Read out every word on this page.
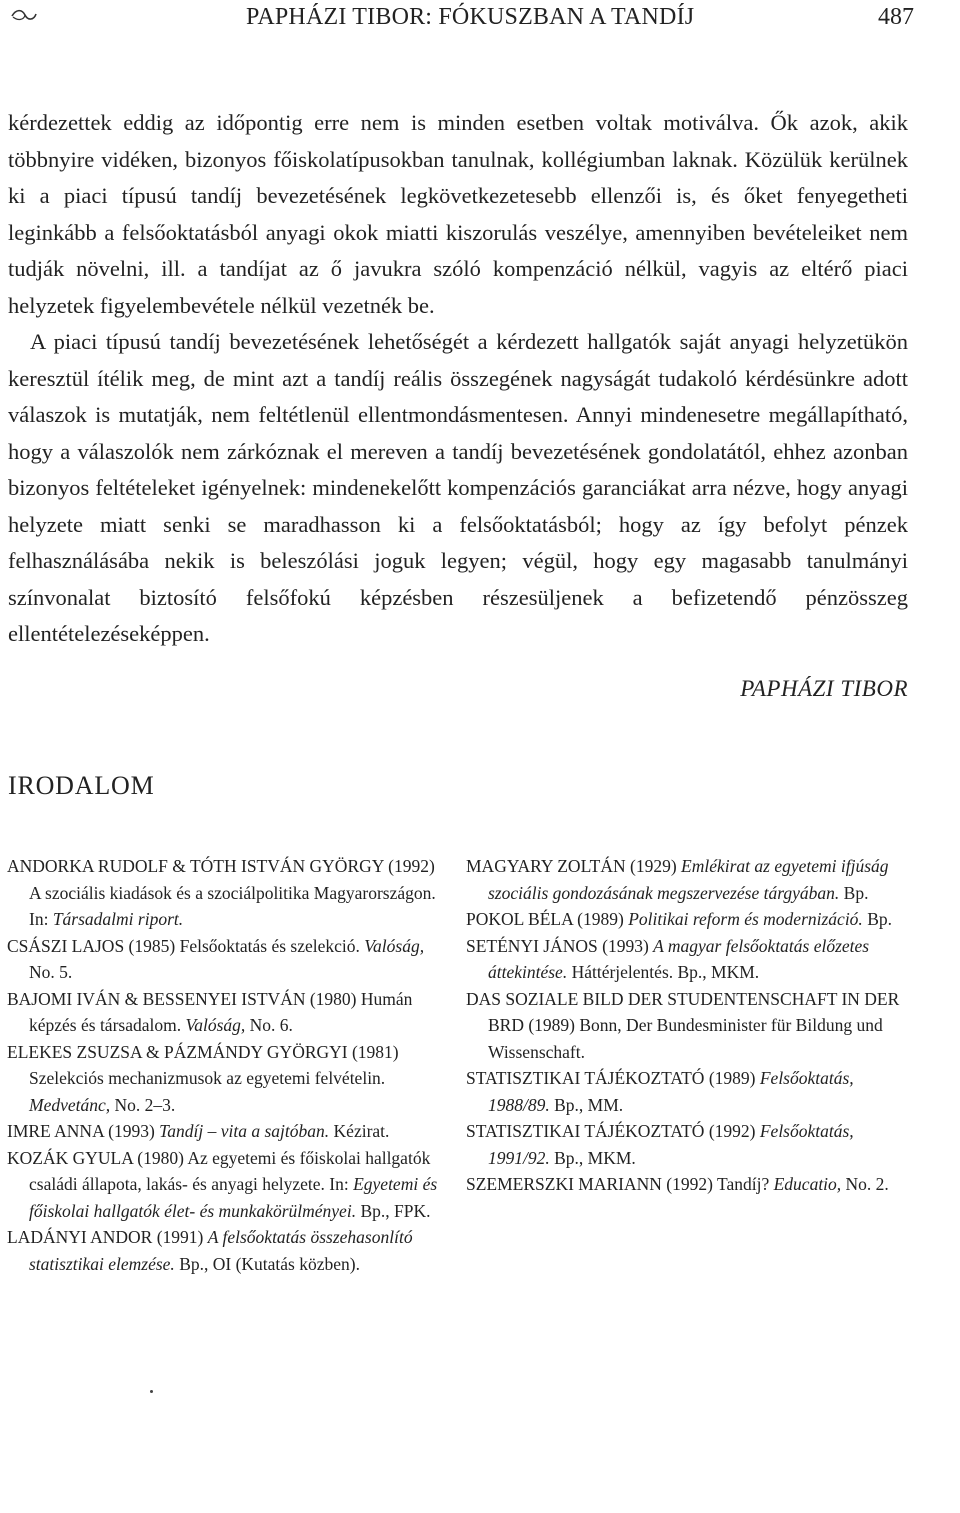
PAPHÁZI TIBOR: FÓKUSZBAN A TANDÍJ	487

kérdezettek eddig az időpontig erre nem is minden esetben voltak motiválva. Ők azok, akik többnyire vidéken, bizonyos főiskolatípusokban tanulnak, kollégiumban laknak. Közülük kerülnek ki a piaci típusú tandíj bevezetésének legkövetkezetesebb ellenzői is, és őket fenyegetheti leginkább a felsőoktatásból anyagi okok miatti kiszorulás veszélye, amennyiben bevételeiket nem tudják növelni, ill. a tandíjat az ő javukra szóló kompenzáció nélkül, vagyis az eltérő piaci helyzetek figyelembevétele nélkül vezetnék be.

A piaci típusú tandíj bevezetésének lehetőségét a kérdezett hallgatók saját anyagi helyzetükön keresztül ítélik meg, de mint azt a tandíj reális összegének nagyságát tudakoló kérdésünkre adott válaszok is mutatják, nem feltétlenül ellentmondásmentesen. Annyi mindenesetre megállapítható, hogy a válaszolók nem zárkóznak el mereven a tandíj bevezetésének gondolatától, ehhez azonban bizonyos feltételeket igényelnek: mindenekelőtt kompenzációs garanciákat arra nézve, hogy anyagi helyzete miatt senki se maradhasson ki a felsőoktatásból; hogy az így befolyt pénzek felhasználásába nekik is beleszólási joguk legyen; végül, hogy egy magasabb tanulmányi színvonalat biztosító felsőfokú képzésben részesüljenek a befizetendő pénzösszeg ellentételezéseképpen.

PAPHÁZI TIBOR
IRODALOM
ANDORKA RUDOLF & TÓTH ISTVÁN GYÖRGY (1992) A szociális kiadások és a szociálpolitika Magyarországon. In: Társadalmi riport.
CSÁSZI LAJOS (1985) Felsőoktatás és szelekció. Valóság, No. 5.
BAJOMI IVÁN & BESSENYEI ISTVÁN (1980) Humán képzés és társadalom. Valóság, No. 6.
ELEKES ZSUZSA & PÁZMÁNDY GYÖRGYI (1981) Szelekciós mechanizmusok az egyetemi felvételin. Medvetánc, No. 2–3.
IMRE ANNA (1993) Tandíj – vita a sajtóban. Kézirat.
KOZÁK GYULA (1980) Az egyetemi és főiskolai hallgatók családi állapota, lakás- és anyagi helyzete. In: Egyetemi és főiskolai hallgatók élet- és munkakörülményei. Bp., FPK.
LADÁNYI ANDOR (1991) A felsőoktatás összehasonlító statisztikai elemzése. Bp., OI (Kutatás közben).
MAGYARY ZOLTÁN (1929) Emlékirat az egyetemi ifjúság szociális gondozásának megszervezése tárgyában. Bp.
POKOL BÉLA (1989) Politikai reform és modernizáció. Bp.
SETÉNYI JÁNOS (1993) A magyar felsőoktatás előzetes áttekintése. Háttérjelentés. Bp., MKM.
DAS SOZIALE BILD DER STUDENTENSCHAFT IN DER BRD (1989) Bonn, Der Bundesminister für Bildung und Wissenschaft.
STATISZTIKAI TÁJÉKOZTATÓ (1989) Felsőoktatás, 1988/89. Bp., MM.
STATISZTIKAI TÁJÉKOZTATÓ (1992) Felsőoktatás, 1991/92. Bp., MKM.
SZEMERSZKI MARIANN (1992) Tandíj? Educatio, No. 2.
